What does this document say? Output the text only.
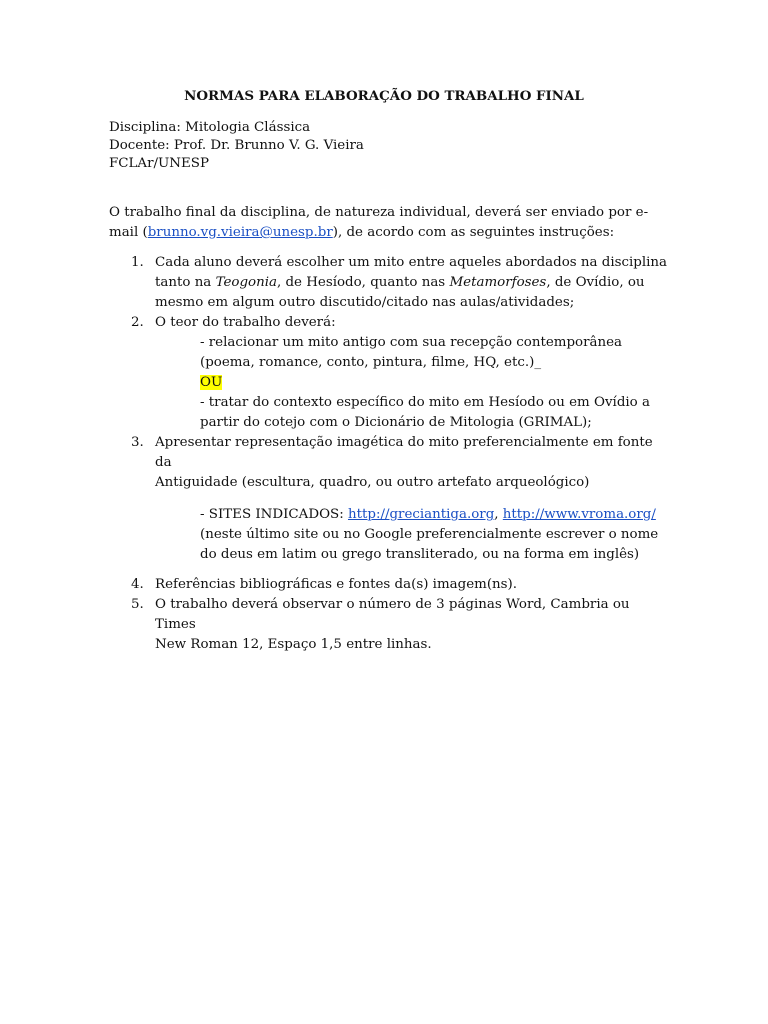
NORMAS PARA ELABORAÇÃO DO TRABALHO FINAL
Disciplina: Mitologia Clássica
Docente: Prof. Dr. Brunno V. G. Vieira
FCLAr/UNESP
O trabalho final da disciplina, de natureza individual, deverá ser enviado por e-
mail (brunno.vg.vieira@unesp.br), de acordo com as seguintes instruções:
1. Cada aluno deverá escolher um mito entre aqueles abordados na disciplina
tanto na Teogonia, de Hesíodo, quanto nas Metamorfoses, de Ovídio, ou
mesmo em algum outro discutido/citado nas aulas/atividades;
2. O teor do trabalho deverá:
- relacionar um mito antigo com sua recepção contemporânea
(poema, romance, conto, pintura, filme, HQ, etc.)_
OU
- tratar do contexto específico do mito em Hesíodo ou em Ovídio a
partir do cotejo com o Dicionário de Mitologia (GRIMAL);
3. Apresentar representação imagética do mito preferencialmente em fonte da
Antiguidade (escultura, quadro, ou outro artefato arqueológico)
- SITES INDICADOS: http://greciantiga.org, http://www.vroma.org/
(neste último site ou no Google preferencialmente escrever o nome
do deus em latim ou grego transliterado, ou na forma em inglês)
4. Referências bibliográficas e fontes da(s) imagem(ns).
5. O trabalho deverá observar o número de 3 páginas Word, Cambria ou Times
New Roman 12, Espaço 1,5 entre linhas.
